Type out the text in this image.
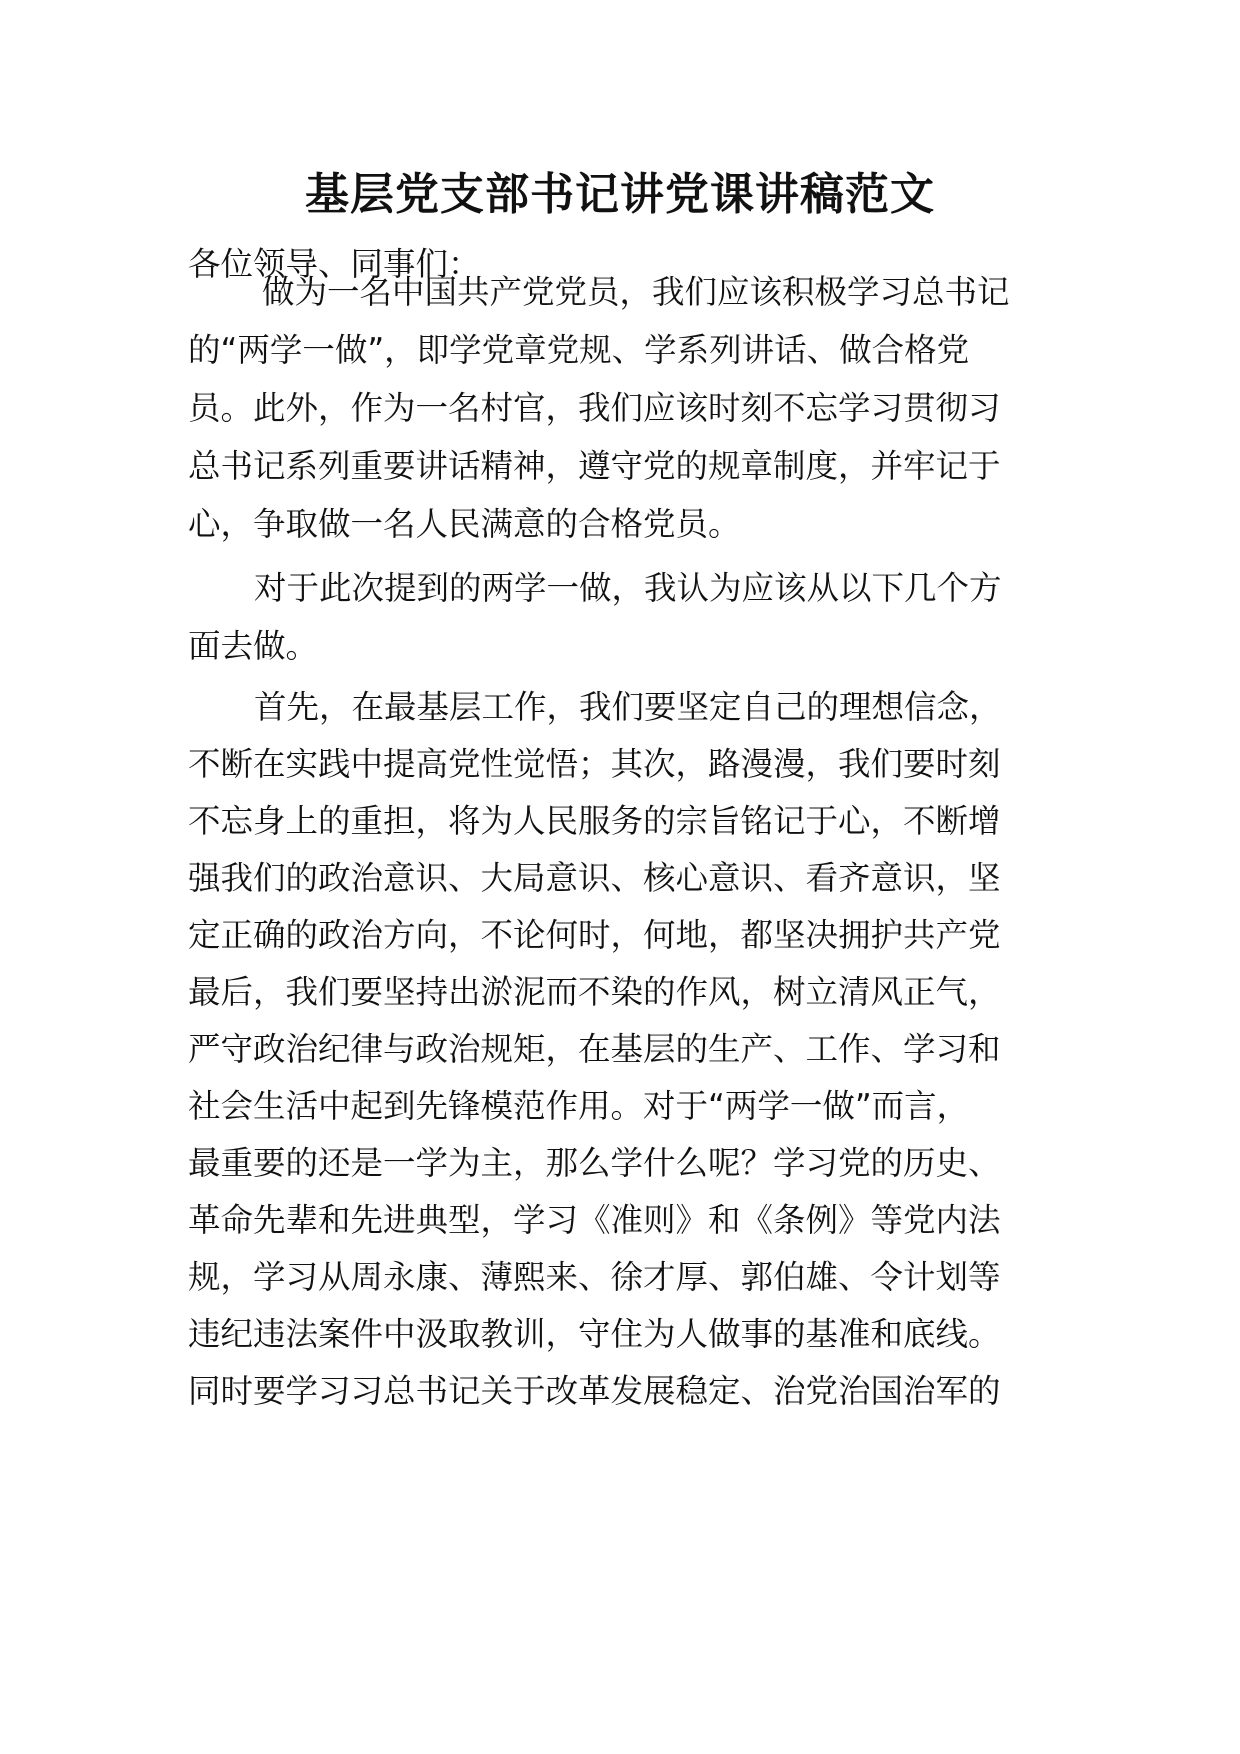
基层党支部书记讲党课讲稿范文
各位领导、同事们：
做为一名中国共产党党员，我们应该积极学习总书记
的“两学一做”，即学党章党规、学系列讲话、做合格党
员。此外，作为一名村官，我们应该时刻不忘学习贯彻习
总书记系列重要讲话精神，遵守党的规章制度，并牢记于
心，争取做一名人民满意的合格党员。
对于此次提到的两学一做，我认为应该从以下几个方
面去做。
首先，在最基层工作，我们要坚定自己的理想信念，
不断在实践中提高党性觉悟；其次，路漫漫，我们要时刻
不忘身上的重担，将为人民服务的宗旨铭记于心，不断增
强我们的政治意识、大局意识、核心意识、看齐意识，坚
定正确的政治方向，不论何时，何地，都坚决拥护共产党
最后，我们要坚持出淤泥而不染的作风，树立清风正气，
严守政治纪律与政治规矩，在基层的生产、工作、学习和
社会生活中起到先锋模范作用。对于“两学一做”而言，
最重要的还是一学为主，那么学什么呢？学习党的历史、
革命先辈和先进典型，学习《准则》和《条例》等党内法
规，学习从周永康、薄熙来、徐才厚、郭伯雄、令计划等
违纪违法案件中汲取教训，守住为人做事的基准和底线。
同时要学习习总书记关于改革发展稳定、治党治国治军的
